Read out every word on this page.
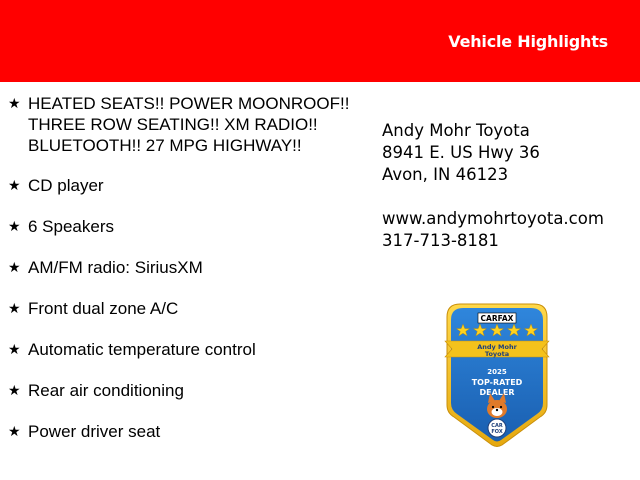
Vehicle Highlights
★ HEATED SEATS!! POWER MOONROOF!! THREE ROW SEATING!! XM RADIO!! BLUETOOTH!! 27 MPG HIGHWAY!!
★ CD player
★ 6 Speakers
★ AM/FM radio: SiriusXM
★ Front dual zone A/C
★ Automatic temperature control
★ Rear air conditioning
★ Power driver seat
Andy Mohr Toyota
8941 E. US Hwy 36
Avon, IN 46123
www.andymohrtoyota.com
317-713-8181
CARFAX
Andy Mohr
Toyota
2025
TOP-RATED
DEALER
CAR
FOX
